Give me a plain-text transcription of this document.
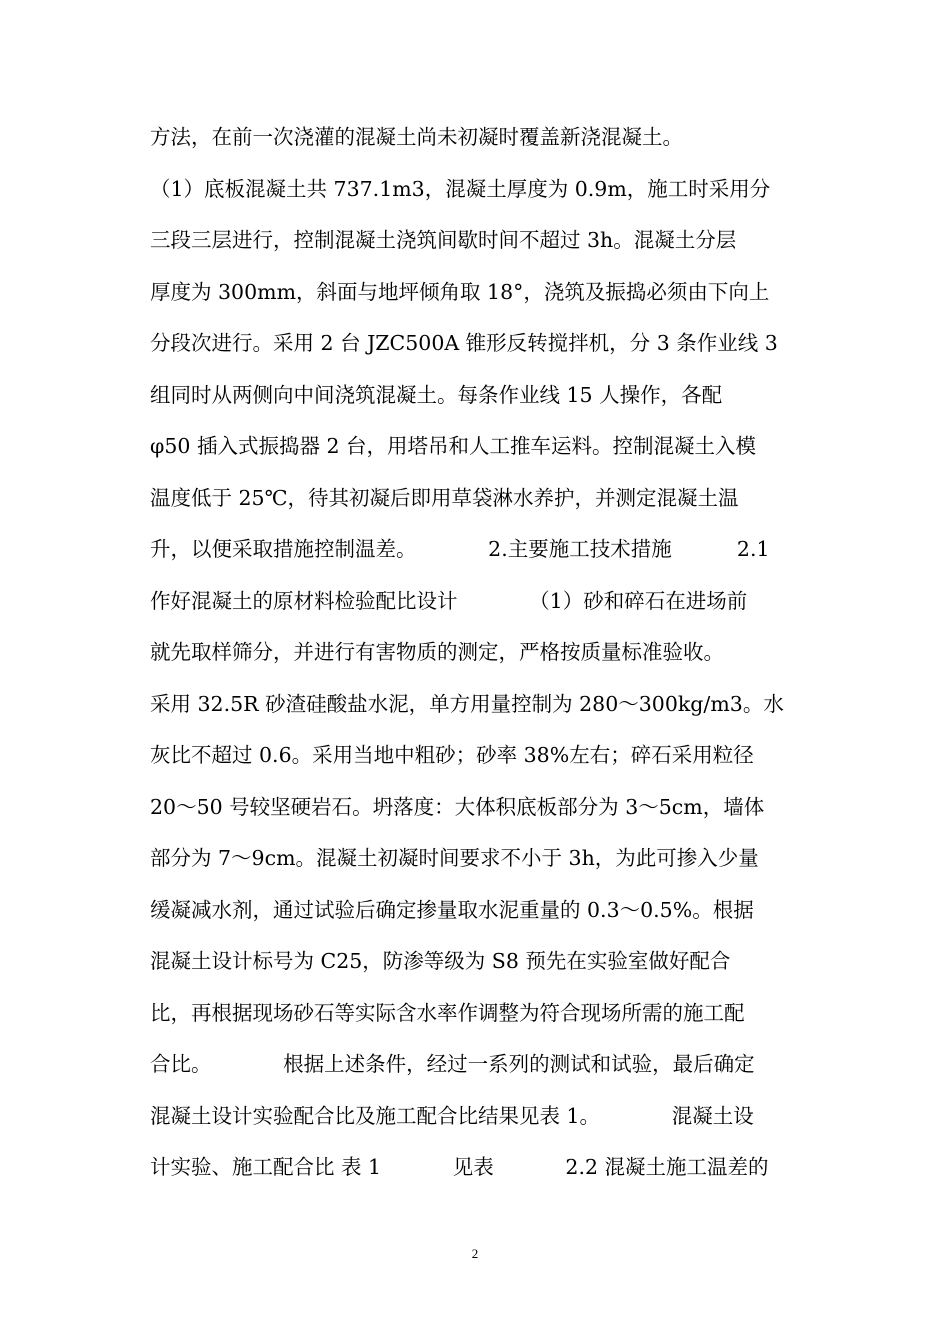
方法，在前一次浇灌的混凝土尚未初凝时覆盖新浇混凝土。
（1）底板混凝土共 737.1m3，混凝土厚度为 0.9m，施工时采用分
三段三层进行，控制混凝土浇筑间歇时间不超过 3h。混凝土分层
厚度为 300mm，斜面与地坪倾角取 18°，浇筑及振捣必须由下向上
分段次进行。采用 2 台 JZC500A 锥形反转搅拌机，分 3 条作业线 3
组同时从两侧向中间浇筑混凝土。每条作业线 15 人操作，各配
φ50 插入式振捣器 2 台，用塔吊和人工推车运料。控制混凝土入模
温度低于 25℃，待其初凝后即用草袋淋水养护，并测定混凝土温
升，以便采取措施控制温差。           2.主要施工技术措施          2.1
作好混凝土的原材料检验配比设计           （1）砂和碎石在进场前
就先取样筛分，并进行有害物质的测定，严格按质量标准验收。
采用 32.5R 砂渣硅酸盐水泥，单方用量控制为 280～300kg/m3。水
灰比不超过 0.6。采用当地中粗砂；砂率 38%左右；碎石采用粒径
20～50 号较坚硬岩石。坍落度：大体积底板部分为 3～5cm，墙体
部分为 7～9cm。混凝土初凝时间要求不小于 3h，为此可掺入少量
缓凝减水剂，通过试验后确定掺量取水泥重量的 0.3～0.5%。根据
混凝土设计标号为 C25，防渗等级为 S8 预先在实验室做好配合
比，再根据现场砂石等实际含水率作调整为符合现场所需的施工配
合比。           根据上述条件，经过一系列的测试和试验，最后确定
混凝土设计实验配合比及施工配合比结果见表 1。           混凝土设
计实验、施工配合比 表 1           见表           2.2 混凝土施工温差的
2
